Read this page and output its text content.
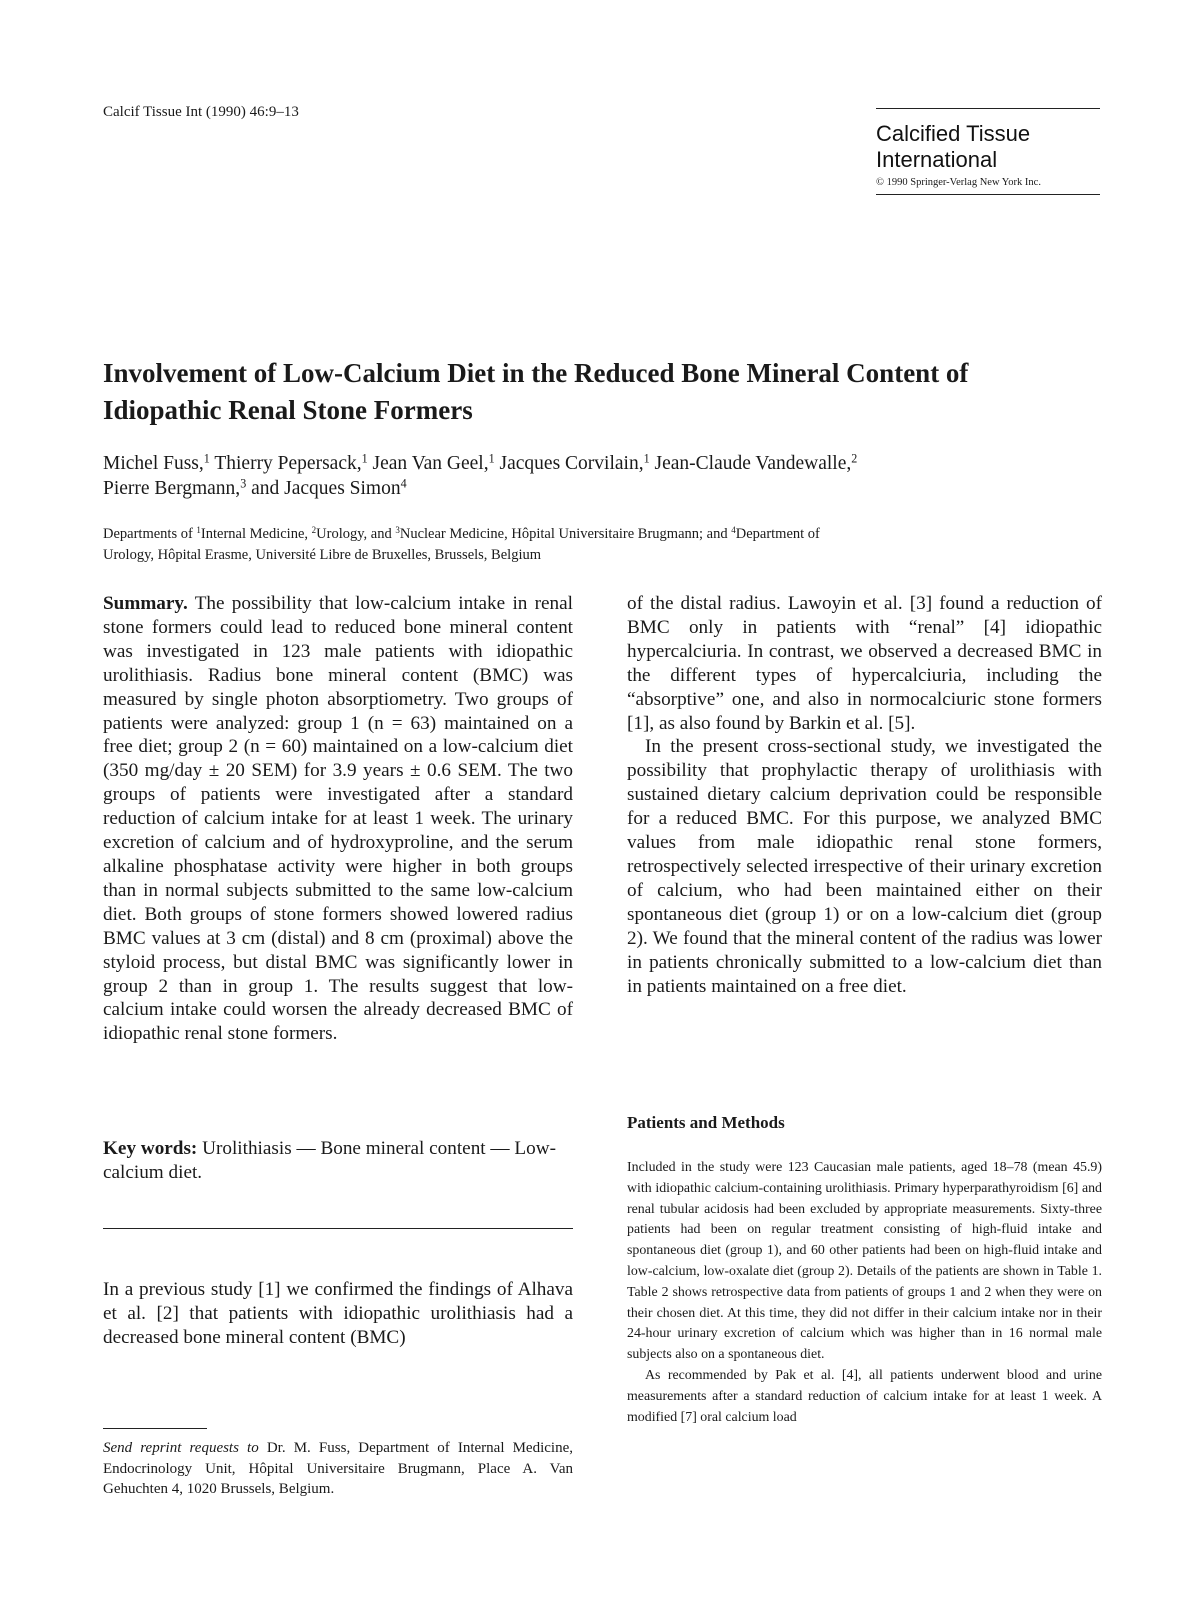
Calcif Tissue Int (1990) 46:9–13
Calcified Tissue
International
© 1990 Springer-Verlag New York Inc.
Involvement of Low-Calcium Diet in the Reduced Bone Mineral Content of
Idiopathic Renal Stone Formers
Michel Fuss,$^1$ Thierry Pepersack,$^1$ Jean Van Geel,$^1$ Jacques Corvilain,$^1$ Jean-Claude Vandewalle,$^2$
Pierre Bergmann,$^3$ and Jacques Simon$^4$
Departments of $^1$Internal Medicine, $^2$Urology, and $^3$Nuclear Medicine, Hôpital Universitaire Brugmann; and $^4$Department of
Urology, Hôpital Erasme, Université Libre de Bruxelles, Brussels, Belgium

Summary. The possibility that low-calcium intake in renal stone formers could lead to reduced bone mineral content was investigated in 123 male patients with idiopathic urolithiasis. Radius bone mineral content (BMC) was measured by single photon absorptiometry. Two groups of patients were analyzed: group 1 (n = 63) maintained on a free diet; group 2 (n = 60) maintained on a low-calcium diet (350 mg/day ± 20 SEM) for 3.9 years ± 0.6 SEM. The two groups of patients were investigated after a standard reduction of calcium intake for at least 1 week. The urinary excretion of calcium and of hydroxyproline, and the serum alkaline phosphatase activity were higher in both groups than in normal subjects submitted to the same low-calcium diet. Both groups of stone formers showed lowered radius BMC values at 3 cm (distal) and 8 cm (proximal) above the styloid process, but distal BMC was significantly lower in group 2 than in group 1. The results suggest that low-calcium intake could worsen the already decreased BMC of idiopathic renal stone formers.

Key words: Urolithiasis — Bone mineral content — Low-calcium diet.

In a previous study [1] we confirmed the findings of Alhava et al. [2] that patients with idiopathic urolithiasis had a decreased bone mineral content (BMC)

Send reprint requests to Dr. M. Fuss, Department of Internal Medicine, Endocrinology Unit, Hôpital Universitaire Brugmann, Place A. Van Gehuchten 4, 1020 Brussels, Belgium.

of the distal radius. Lawoyin et al. [3] found a reduction of BMC only in patients with “renal” [4] idiopathic hypercalciuria. In contrast, we observed a decreased BMC in the different types of hypercalciuria, including the “absorptive” one, and also in normocalciuric stone formers [1], as also found by Barkin et al. [5].

In the present cross-sectional study, we investigated the possibility that prophylactic therapy of urolithiasis with sustained dietary calcium deprivation could be responsible for a reduced BMC. For this purpose, we analyzed BMC values from male idiopathic renal stone formers, retrospectively selected irrespective of their urinary excretion of calcium, who had been maintained either on their spontaneous diet (group 1) or on a low-calcium diet (group 2). We found that the mineral content of the radius was lower in patients chronically submitted to a low-calcium diet than in patients maintained on a free diet.

Patients and Methods

Included in the study were 123 Caucasian male patients, aged 18–78 (mean 45.9) with idiopathic calcium-containing urolithiasis. Primary hyperparathyroidism [6] and renal tubular acidosis had been excluded by appropriate measurements. Sixty-three patients had been on regular treatment consisting of high-fluid intake and spontaneous diet (group 1), and 60 other patients had been on high-fluid intake and low-calcium, low-oxalate diet (group 2). Details of the patients are shown in Table 1. Table 2 shows retrospective data from patients of groups 1 and 2 when they were on their chosen diet. At this time, they did not differ in their calcium intake nor in their 24-hour urinary excretion of calcium which was higher than in 16 normal male subjects also on a spontaneous diet.

As recommended by Pak et al. [4], all patients underwent blood and urine measurements after a standard reduction of calcium intake for at least 1 week. A modified [7] oral calcium load
